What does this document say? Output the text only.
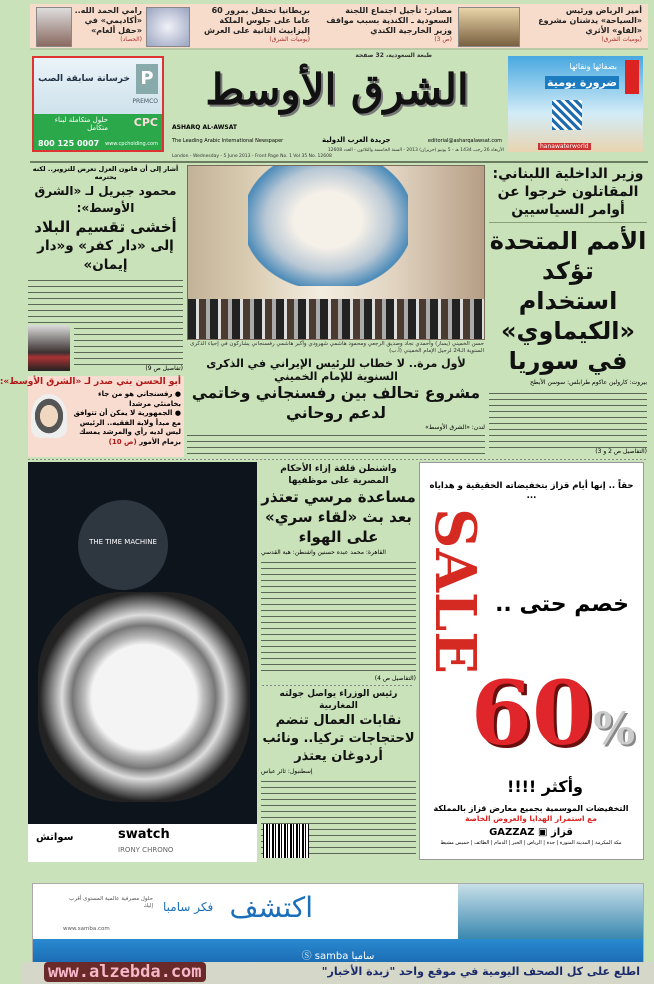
أمير الرياض ورئيس «السياحة» يدشنان مشروع «الفاو» الأثري
(يوميات الشرق)
مصادر: تأجيل اجتماع اللجنة السعودية ـ الكندية بسبب مواقف وزير الخارجية الكندي
(ص 3)
بريطانيا تحتفل بمرور 60 عاما على جلوس الملكة إليزابيث الثانية على العرش
(يوميات الشرق)
رامي الحمد الله.. «أكاديمي» في «حقل ألغام»
(الحصاد)
P
PREMCO
خرسانة سابقة الصب
CPC
حلول متكاملة لبناء متكامل
800 125 0007 www.cpcholding.com
طبعة السعودية، 32 صفحة
الشرق الأوسط
ASHARQ AL-AWSAT
The Leading Arabic International Newspaper	جريدة العرب الدولية	editorial@asharqalawsat.com
بصفائها ونقائها
ضرورة يومية
hanawaterworld
الأربعاء 26 رجب 1434 هـ - 5 يونيو (حزيران) 2013 - السنة الخامسة والثلاثون - العدد 12608
London - Wednesday - 5 June 2013 - Front Page No. 1 Vol 35 No. 12608
وزير الداخلية اللبناني: المقاتلون خرجوا عن أوامر السياسيين
الأمم المتحدة تؤكد استخدام «الكيماوي» في سوريا
بيروت: كارولين عاكوم طرابلس: سوسن الأبطح
(التفاصيل ص 2 و 3)
حسن الخميني (يسار) وأحمدي نجاد وصديق الرجعي ومحمود هاشمي شهرودي وأكبر هاشمي رفسنجاني يشاركون في إحياء الذكرى السنوية الـ24 لرحيل الإمام الخميني (أ.ب)
لأول مرة.. لا خطاب للرئيس الإيراني في الذكرى السنوية للإمام الخميني
مشروع تحالف بين رفسنجاني وخاتمي لدعم روحاني
لندن: «الشرق الأوسط»
أشار إلى أن قانون العزل تعرض للتزوير.. لكنه يحترمه
محمود جبريل لـ «الشرق الأوسط»:
أخشى تقسيم البلاد
إلى «دار كفر» و«دار إيمان»
(تفاصيل ص 9)
أبو الحسن بني صدر لـ «الشرق الأوسط»:
● رفسنجاني هو من جاء بخامنئي مرشدا
● الجمهورية لا يمكن أن تتوافق مع مبدأ ولاية الفقيه.. الرئيس ليس لديه رأي والمرشد يمسك بزمام الأمور (ص 10)
THE TIME MACHINE
swatch
IRONY CHRONO
سواتش
واشنطن قلقة إزاء الأحكام المصرية على موظفيها
مساعدة مرسي تعتذر بعد بث «لقاء سري» على الهواء
القاهرة: محمد عبده حسنين واشنطن: هبة القدسي
(التفاصيل ص 4)
رئيس الوزراء يواصل جولته المغاربية
نقابات العمال تنضم لاحتجاجات تركيا.. ونائب أردوغان يعتذر
إسطنبول: ثائر عباس
حقاً .. إنها أيام قزاز بتخفيضاته الحقيقية و هداياه ...
SALE خصم حتى ..
60%
وأكثر !!!!
التخفيضات الموسمية بجميع معارض قزاز بالمملكة
مع استمرار الهدايا والعروض الخاصة
قزاز ▣ GAZZAZ
مكة المكرمة | المدينة المنورة | جدة | الرياض | الخبر | الدمام | الطائف | خميس مشيط
اكتشف
فكر سامبا
حلول مصرفية عالمية المستوى أقرب إليك
www.samba.com
سامبا Ⓢ samba
www.alzebda.com	اطلع على كل الصحف اليومية في موقع واحد "زبدة الأخبار"
